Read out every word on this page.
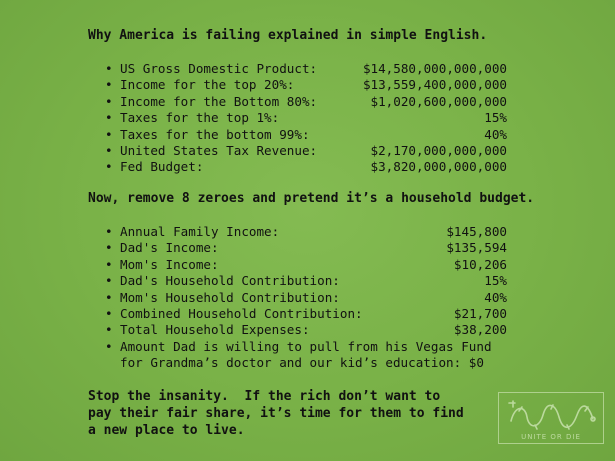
Why America is failing explained in simple English.
• US Gross Domestic Product:	$14,580,000,000,000
• Income for the top 20%:	$13,559,400,000,000
• Income for the Bottom 80%:	$1,020,600,000,000
• Taxes for the top 1%:	15%
• Taxes for the bottom 99%:	40%
• United States Tax Revenue:	$2,170,000,000,000
• Fed Budget:	$3,820,000,000,000
Now, remove 8 zeroes and pretend it’s a household budget.
• Annual Family Income:	$145,800
• Dad's Income:	$135,594
• Mom's Income:	$10,206
• Dad's Household Contribution:	15%
• Mom's Household Contribution:	40%
• Combined Household Contribution:	$21,700
• Total Household Expenses:	$38,200
• Amount Dad is willing to pull from his Vegas Fund
for Grandma’s doctor and our kid’s education: $0
Stop the insanity.  If the rich don’t want to
pay their fair share, it’s time for them to find
a new place to live.	UNITE OR DIE
